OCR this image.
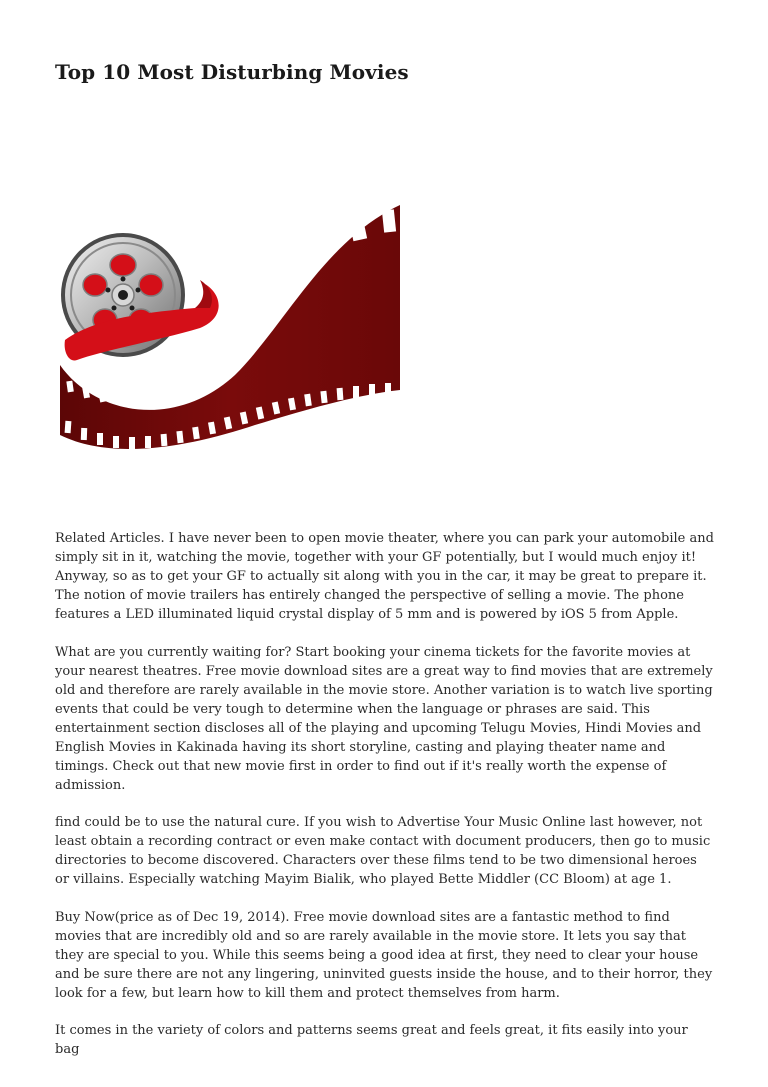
Top 10 Most Disturbing Movies

Related Articles. I have never been to open movie theater, where you can park your automobile and simply sit in it, watching the movie, together with your GF potentially, but I would much enjoy it! Anyway, so as to get your GF to actually sit along with you in the car, it may be great to prepare it. The notion of movie trailers has entirely changed the perspective of selling a movie. The phone features a LED illuminated liquid crystal display of 5 mm and is powered by iOS 5 from Apple.

What are you currently waiting for? Start booking your cinema tickets for the favorite movies at your nearest theatres. Free movie download sites are a great way to find movies that are extremely old and therefore are rarely available in the movie store. Another variation is to watch live sporting events that could be very tough to determine when the language or phrases are said. This entertainment section discloses all of the playing and upcoming Telugu Movies, Hindi Movies and English Movies in Kakinada having its short storyline, casting and playing theater name and timings. Check out that new movie first in order to find out if it's really worth the expense of admission.

find could be to use the natural cure. If you wish to Advertise Your Music Online last however, not least obtain a recording contract or even make contact with document producers, then go to music directories to become discovered. Characters over these films tend to be two dimensional heroes or villains. Especially watching Mayim Bialik, who played Bette Middler (CC Bloom) at age 1.

Buy Now(price as of Dec 19, 2014). Free movie download sites are a fantastic method to find movies that are incredibly old and so are rarely available in the movie store. It lets you say that they are special to you. While this seems being a good idea at first, they need to clear your house and be sure there are not any lingering, uninvited guests inside the house, and to their horror, they look for a few, but learn how to kill them and protect themselves from harm.

It comes in the variety of colors and patterns seems great and feels great, it fits easily into your bag
